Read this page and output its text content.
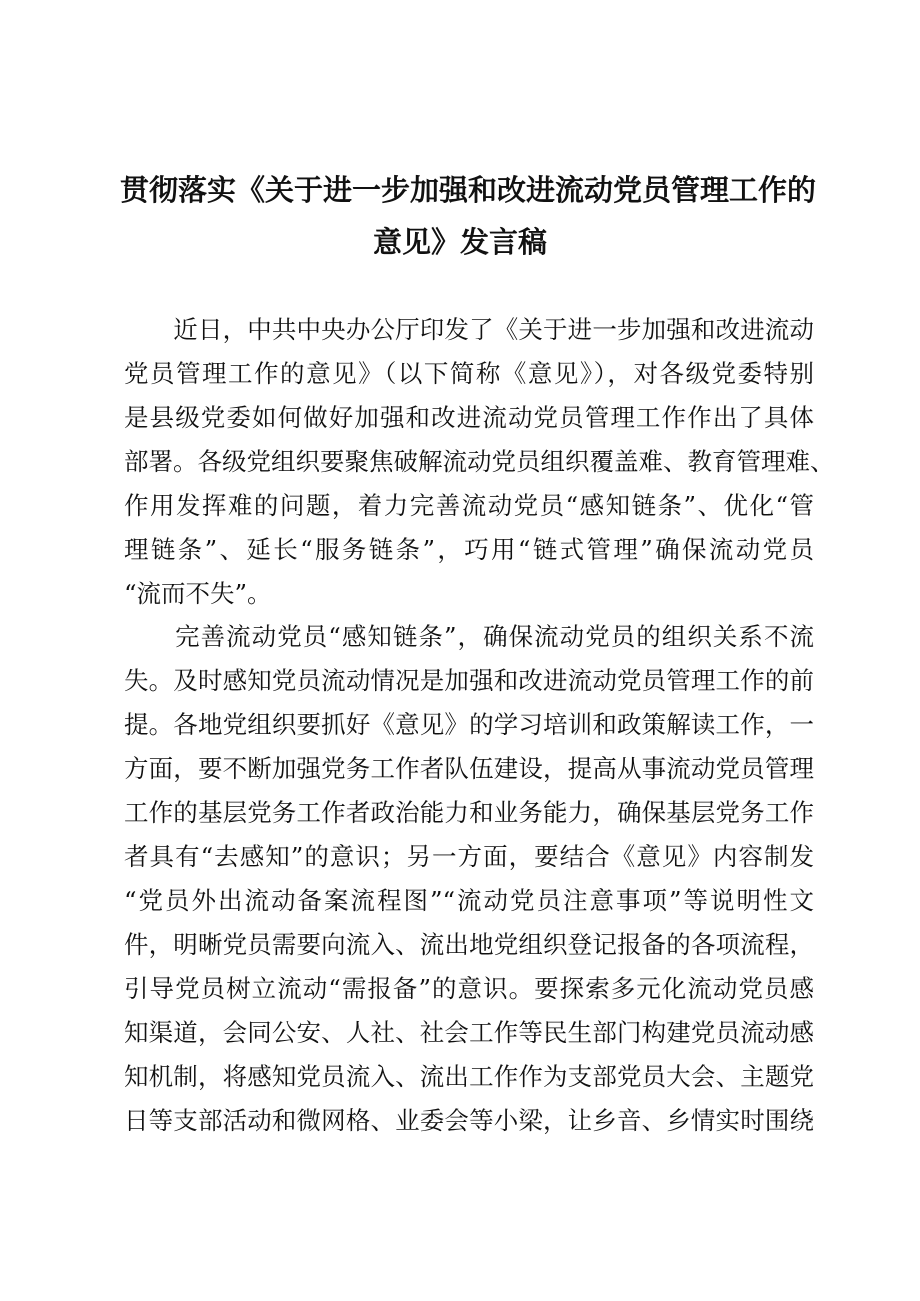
贯彻落实《关于进一步加强和改进流动党员管理工作的
意见》发言稿
　　近日，中共中央办公厅印发了《关于进一步加强和改进流动
党员管理工作的意见》（以下简称《意见》），对各级党委特别
是县级党委如何做好加强和改进流动党员管理工作作出了具体
部署。各级党组织要聚焦破解流动党员组织覆盖难、教育管理难、
作用发挥难的问题，着力完善流动党员“感知链条”、优化“管
理链条”、延长“服务链条”，巧用“链式管理”确保流动党员
“流而不失”。
　　完善流动党员“感知链条”，确保流动党员的组织关系不流
失。及时感知党员流动情况是加强和改进流动党员管理工作的前
提。各地党组织要抓好《意见》的学习培训和政策解读工作，一
方面，要不断加强党务工作者队伍建设，提高从事流动党员管理
工作的基层党务工作者政治能力和业务能力，确保基层党务工作
者具有“去感知”的意识；另一方面，要结合《意见》内容制发
“党员外出流动备案流程图”“流动党员注意事项”等说明性文
件，明晰党员需要向流入、流出地党组织登记报备的各项流程，
引导党员树立流动“需报备”的意识。要探索多元化流动党员感
知渠道，会同公安、人社、社会工作等民生部门构建党员流动感
知机制，将感知党员流入、流出工作作为支部党员大会、主题党
日等支部活动和微网格、业委会等小梁，让乡音、乡情实时围绕
